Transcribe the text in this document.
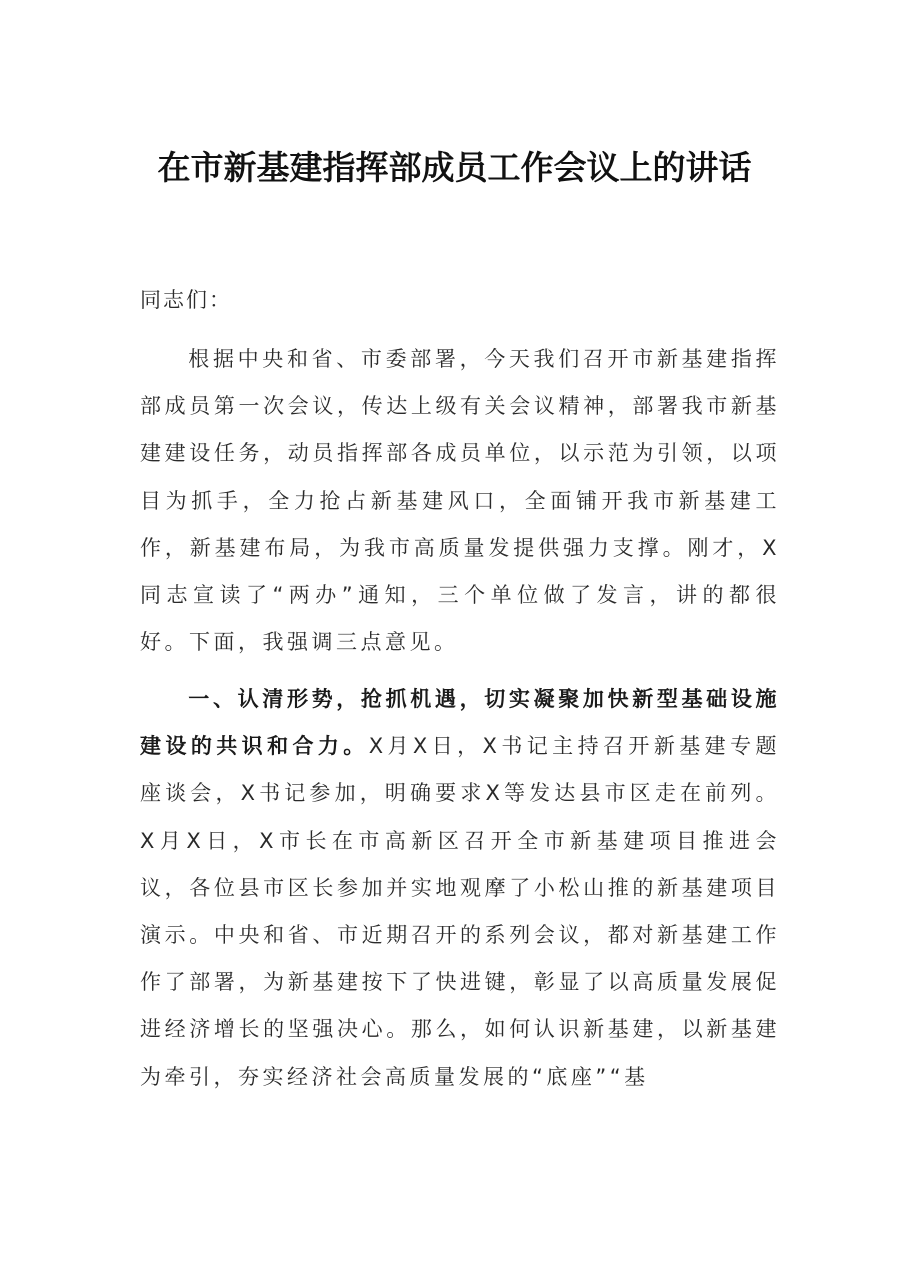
在市新基建指挥部成员工作会议上的讲话

同志们：

根据中央和省、市委部署，今天我们召开市新基建指挥部成员第一次会议，传达上级有关会议精神，部署我市新基建建设任务，动员指挥部各成员单位，以示范为引领，以项目为抓手，全力抢占新基建风口，全面铺开我市新基建工作，新基建布局，为我市高质量发提供强力支撑。刚才，X同志宣读了“两办”通知，三个单位做了发言，讲的都很好。下面，我强调三点意见。

一、认清形势，抢抓机遇，切实凝聚加快新型基础设施建设的共识和合力。X月X日，X书记主持召开新基建专题座谈会，X书记参加，明确要求X等发达县市区走在前列。X月X日，X市长在市高新区召开全市新基建项目推进会议，各位县市区长参加并实地观摩了小松山推的新基建项目演示。中央和省、市近期召开的系列会议，都对新基建工作作了部署，为新基建按下了快进键，彰显了以高质量发展促进经济增长的坚强决心。那么，如何认识新基建，以新基建为牵引，夯实经济社会高质量发展的“底座”“基
